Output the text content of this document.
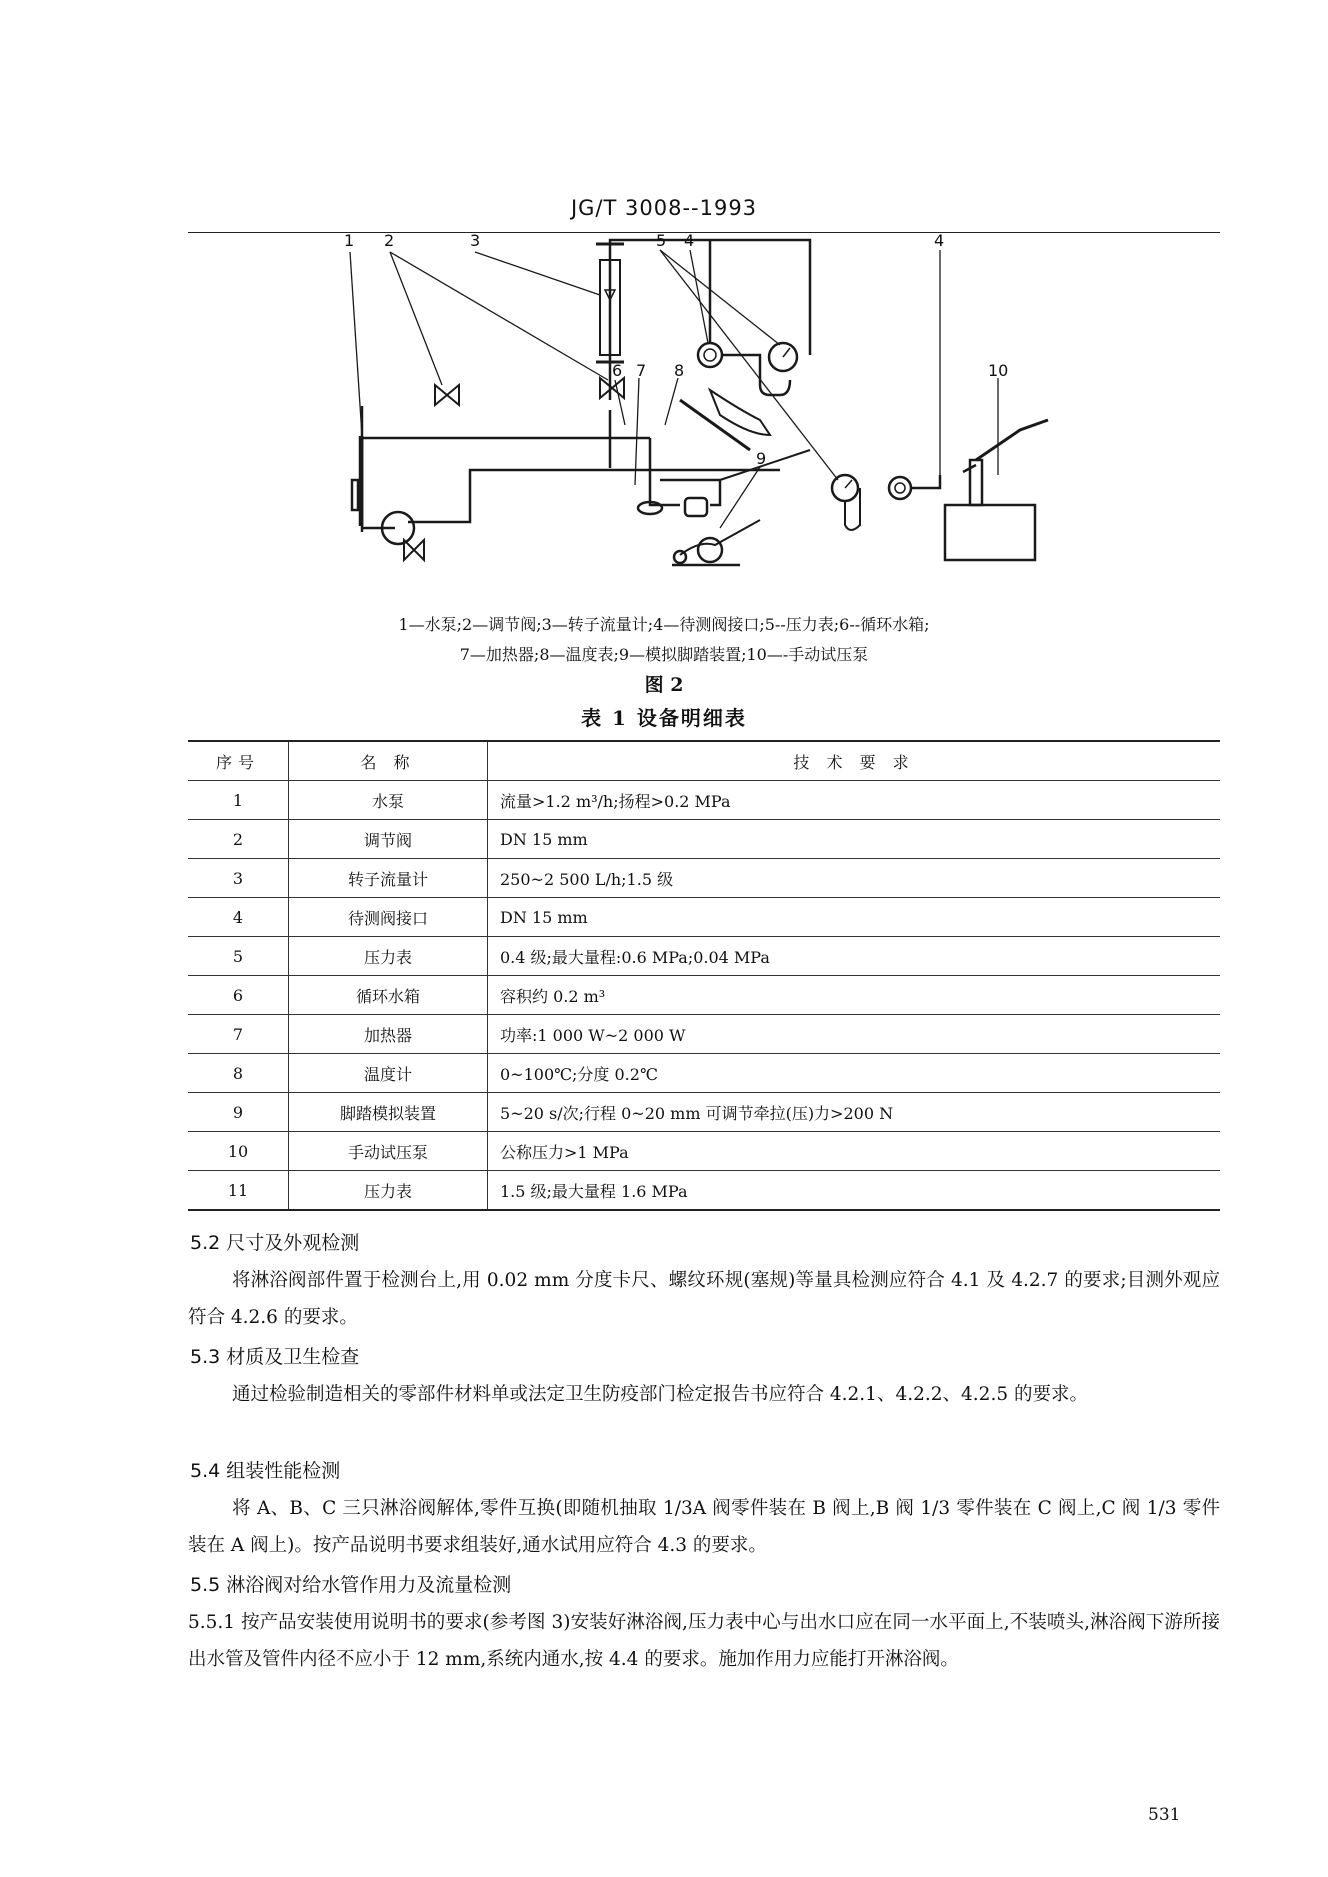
JG/T 3008--1993
1 2	3	4
5	4
6 7 8
9
10
1—水泵;2—调节阀;3—转子流量计;4—待测阀接口;5--压力表;6--循环水箱;
7—加热器;8—温度表;9—模拟脚踏装置;10—-手动试压泵
图 2
表 1 设备明细表
序号	名 称	技 术 要 求
1	水泵	流量>1.2 m³/h;扬程>0.2 MPa
2	调节阀	DN 15 mm
3	转子流量计	250~2 500 L/h;1.5 级
4	待测阀接口	DN 15 mm
5	压力表	0.4 级;最大量程:0.6 MPa;0.04 MPa
6	循环水箱	容积约 0.2 m³
7	加热器	功率:1 000 W~2 000 W
8	温度计	0~100℃;分度 0.2℃
9	脚踏模拟装置	5~20 s/次;行程 0~20 mm 可调节牵拉(压)力>200 N
10	手动试压泵	公称压力>1 MPa
11	压力表	1.5 级;最大量程 1.6 MPa
5.2 尺寸及外观检测
将淋浴阀部件置于检测台上,用 0.02 mm 分度卡尺、螺纹环规(塞规)等量具检测应符合 4.1 及 4.2.7 的要求;目测外观应符合 4.2.6 的要求。
5.3 材质及卫生检查
通过检验制造相关的零部件材料单或法定卫生防疫部门检定报告书应符合 4.2.1、4.2.2、4.2.5 的要求。
5.4 组装性能检测
将 A、B、C 三只淋浴阀解体,零件互换(即随机抽取 1/3A 阀零件装在 B 阀上,B 阀 1/3 零件装在 C 阀上,C 阀 1/3 零件装在 A 阀上)。按产品说明书要求组装好,通水试用应符合 4.3 的要求。
5.5 淋浴阀对给水管作用力及流量检测
5.5.1 按产品安装使用说明书的要求(参考图 3)安装好淋浴阀,压力表中心与出水口应在同一水平面上,不装喷头,淋浴阀下游所接出水管及管件内径不应小于 12 mm,系统内通水,按 4.4 的要求。施加作用力应能打开淋浴阀。
531
